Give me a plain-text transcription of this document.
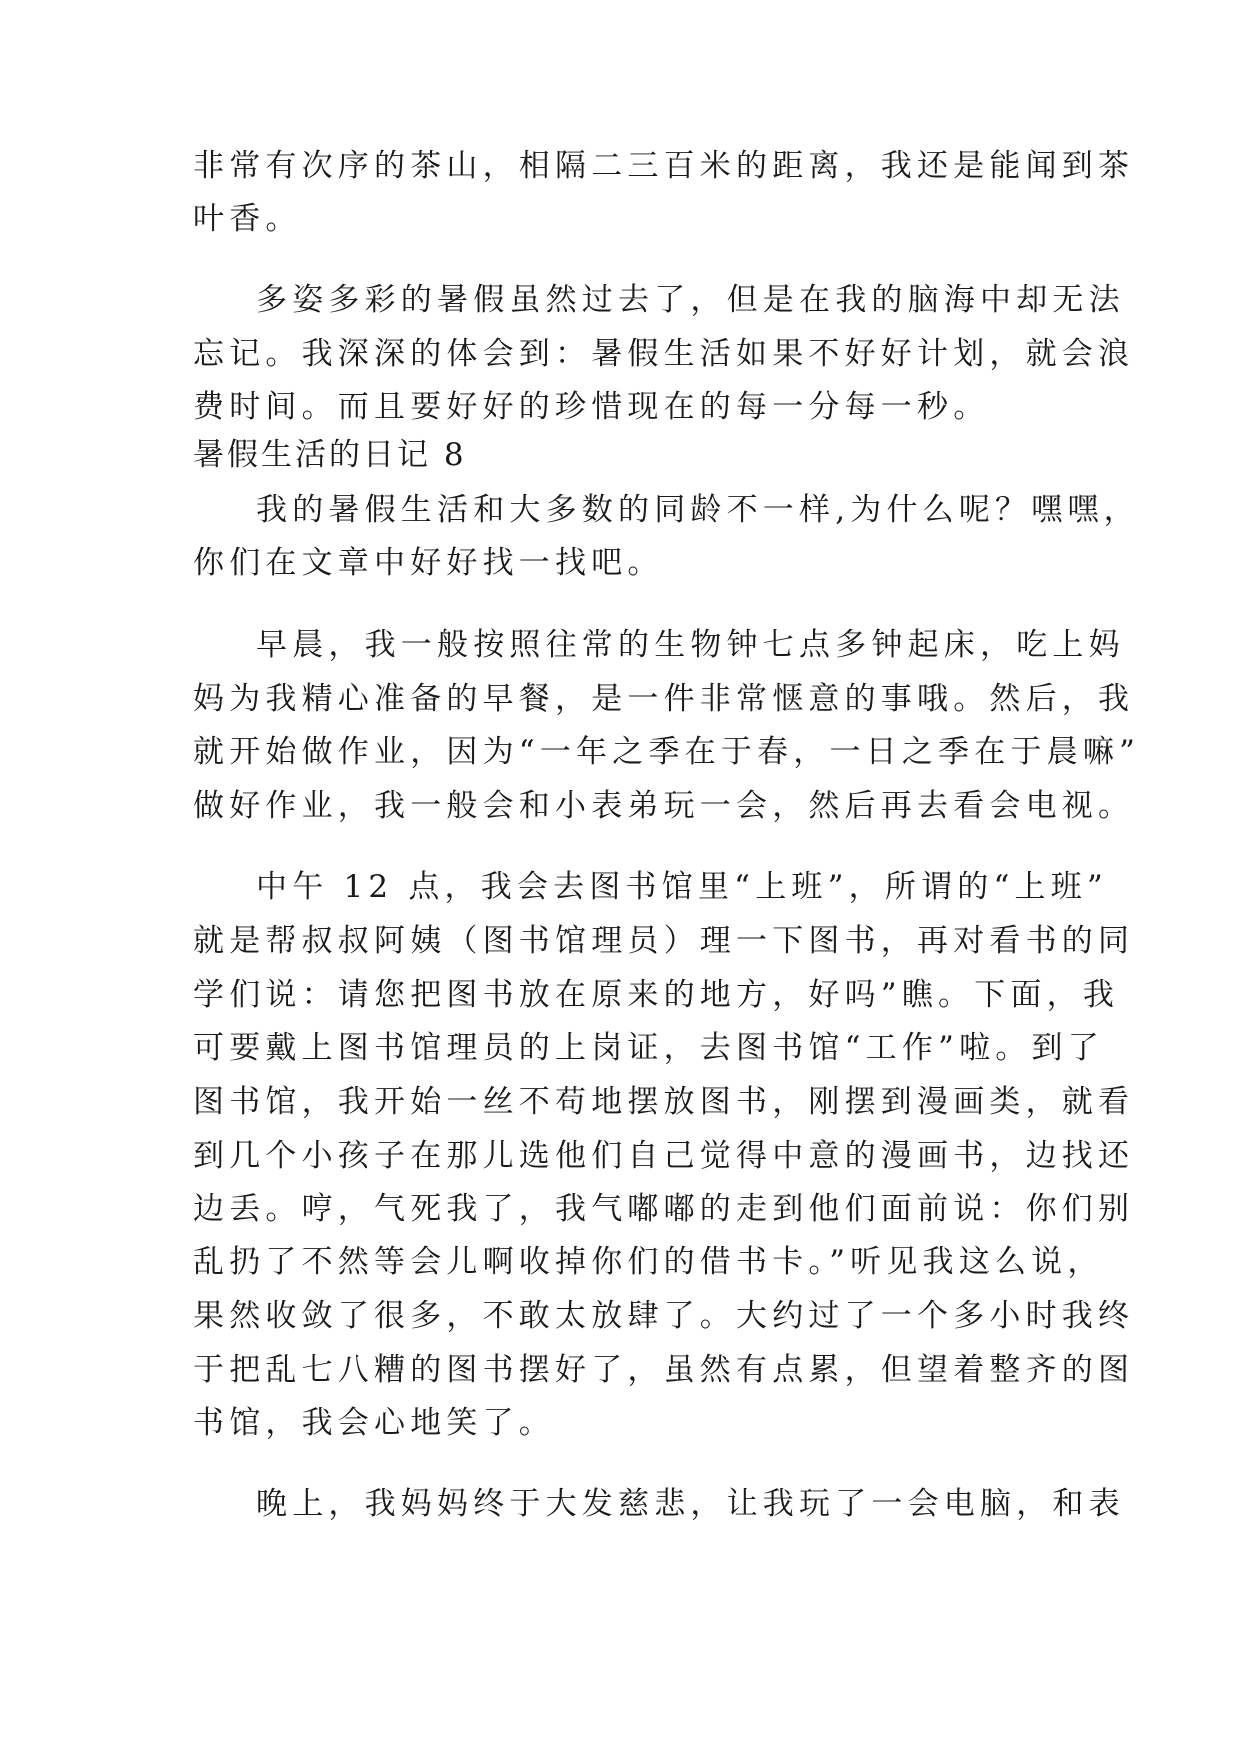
非常有次序的茶山，相隔二三百米的距离，我还是能闻到茶
叶香。
多姿多彩的暑假虽然过去了，但是在我的脑海中却无法
忘记。我深深的体会到：暑假生活如果不好好计划，就会浪
费时间。而且要好好的珍惜现在的每一分每一秒。
暑假生活的日记 8
我的暑假生活和大多数的同龄不一样,为什么呢？嘿嘿，
你们在文章中好好找一找吧。
早晨，我一般按照往常的生物钟七点多钟起床，吃上妈
妈为我精心准备的早餐，是一件非常惬意的事哦。然后，我
就开始做作业，因为“一年之季在于春，一日之季在于晨嘛”
做好作业，我一般会和小表弟玩一会，然后再去看会电视。
中午 12 点，我会去图书馆里“上班”，所谓的“上班”
就是帮叔叔阿姨（图书馆理员）理一下图书，再对看书的同
学们说：请您把图书放在原来的地方，好吗”瞧。下面，我
可要戴上图书馆理员的上岗证，去图书馆“工作”啦。到了
图书馆，我开始一丝不苟地摆放图书，刚摆到漫画类，就看
到几个小孩子在那儿选他们自己觉得中意的漫画书，边找还
边丢。哼，气死我了，我气嘟嘟的走到他们面前说：你们别
乱扔了不然等会儿啊收掉你们的借书卡。”听见我这么说，
果然收敛了很多，不敢太放肆了。大约过了一个多小时我终
于把乱七八糟的图书摆好了，虽然有点累，但望着整齐的图
书馆，我会心地笑了。
晚上，我妈妈终于大发慈悲，让我玩了一会电脑，和表
